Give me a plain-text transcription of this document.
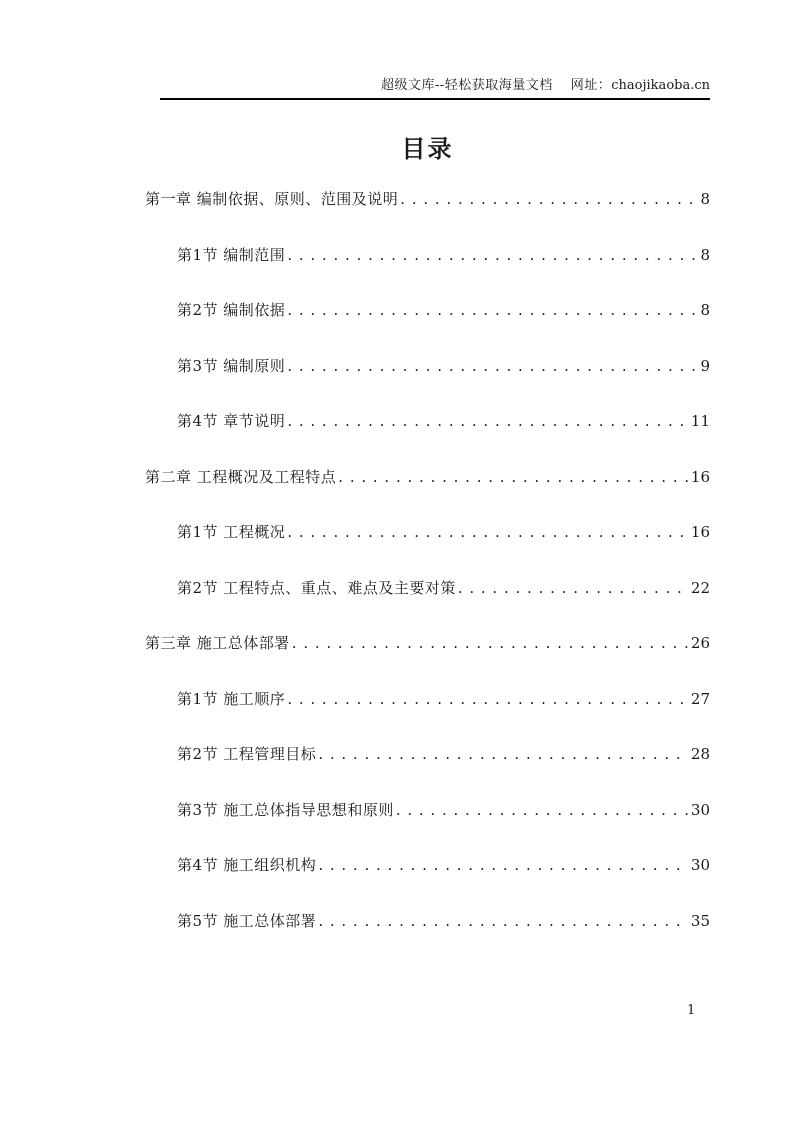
超级文库--轻松获取海量文档 网址：chaojikaoba.cn
目录
第一章 编制依据、原则、范围及说明 . . .	8
第1节 编制范围 . . .	8
第2节 编制依据 . . .	8
第3节 编制原则 . . .	9
第4节 章节说明 . . .	11
第二章 工程概况及工程特点 . . .	16
第1节 工程概况 . . .	16
第2节 工程特点、重点、难点及主要对策 . . .	22
第三章 施工总体部署 . . .	26
第1节 施工顺序 . . .	27
第2节 工程管理目标 . . .	28
第3节 施工总体指导思想和原则 . . .	30
第4节 施工组织机构 . . .	30
第5节 施工总体部署 . . .	35
1
